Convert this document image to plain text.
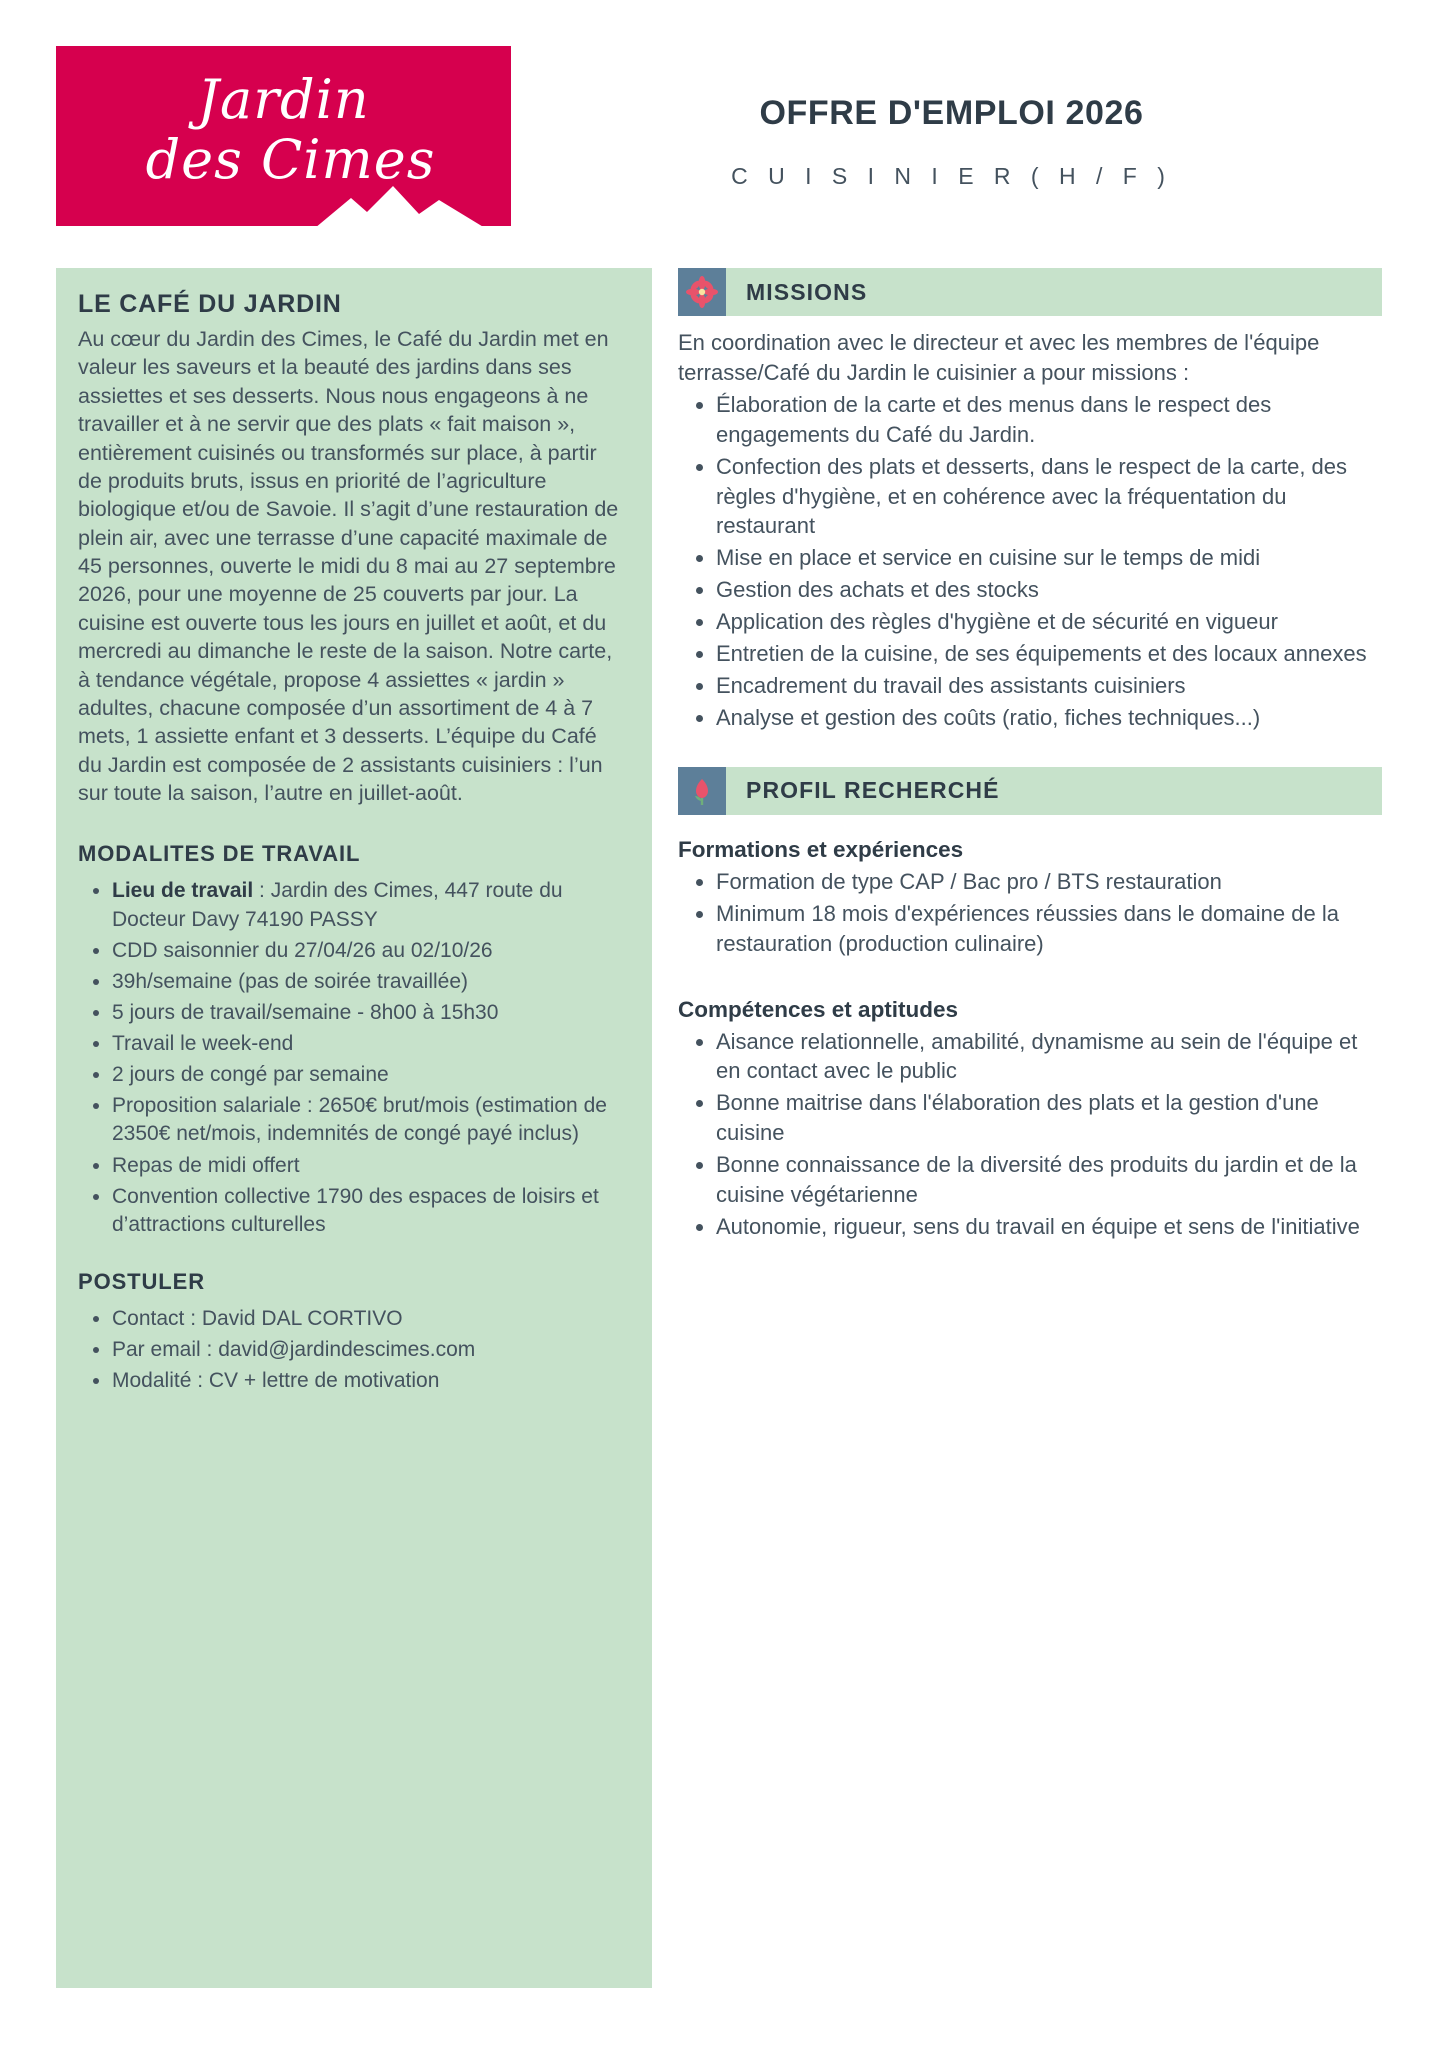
Jardin
des Cimes
OFFRE D'EMPLOI 2026

C U I S I N I E R ( H / F )

LE CAFÉ DU JARDIN

Au cœur du Jardin des Cimes, le Café du Jardin met en valeur les saveurs et la beauté des jardins dans ses assiettes et ses desserts. Nous nous engageons à ne travailler et à ne servir que des plats « fait maison », entièrement cuisinés ou transformés sur place, à partir de produits bruts, issus en priorité de l’agriculture biologique et/ou de Savoie. Il s’agit d’une restauration de plein air, avec une terrasse d’une capacité maximale de 45 personnes, ouverte le midi du 8 mai au 27 septembre 2026, pour une moyenne de 25 couverts par jour. La cuisine est ouverte tous les jours en juillet et août, et du mercredi au dimanche le reste de la saison. Notre carte, à tendance végétale, propose 4 assiettes « jardin » adultes, chacune composée d’un assortiment de 4 à 7 mets, 1 assiette enfant et 3 desserts. L’équipe du Café du Jardin est composée de 2 assistants cuisiniers : l’un sur toute la saison, l’autre en juillet-août.

MODALITES DE TRAVAIL
• Lieu de travail : Jardin des Cimes, 447 route du Docteur Davy 74190 PASSY
• CDD saisonnier du 27/04/26 au 02/10/26
• 39h/semaine (pas de soirée travaillée)
• 5 jours de travail/semaine - 8h00 à 15h30
• Travail le week-end
• 2 jours de congé par semaine
• Proposition salariale : 2650€ brut/mois (estimation de 2350€ net/mois, indemnités de congé payé inclus)
• Repas de midi offert
• Convention collective 1790 des espaces de loisirs et d’attractions culturelles
POSTULER
• Contact : David DAL CORTIVO
• Par email : david@jardindescimes.com
• Modalité : CV + lettre de motivation
MISSIONS

En coordination avec le directeur et avec les membres de l'équipe terrasse/Café du Jardin le cuisinier a pour missions :

• Élaboration de la carte et des menus dans le respect des engagements du Café du Jardin.
• Confection des plats et desserts, dans le respect de la carte, des règles d'hygiène, et en cohérence avec la fréquentation du restaurant
• Mise en place et service en cuisine sur le temps de midi
• Gestion des achats et des stocks
• Application des règles d'hygiène et de sécurité en vigueur
• Entretien de la cuisine, de ses équipements et des locaux annexes
• Encadrement du travail des assistants cuisiniers
• Analyse et gestion des coûts (ratio, fiches techniques...)
PROFIL RECHERCHÉ
Formations et expériences
• Formation de type CAP / Bac pro / BTS restauration
• Minimum 18 mois d'expériences réussies dans le domaine de la restauration (production culinaire)
Compétences et aptitudes
• Aisance relationnelle, amabilité, dynamisme au sein de l'équipe et en contact avec le public
• Bonne maitrise dans l'élaboration des plats et la gestion d'une cuisine
• Bonne connaissance de la diversité des produits du jardin et de la cuisine végétarienne
• Autonomie, rigueur, sens du travail en équipe et sens de l'initiative
